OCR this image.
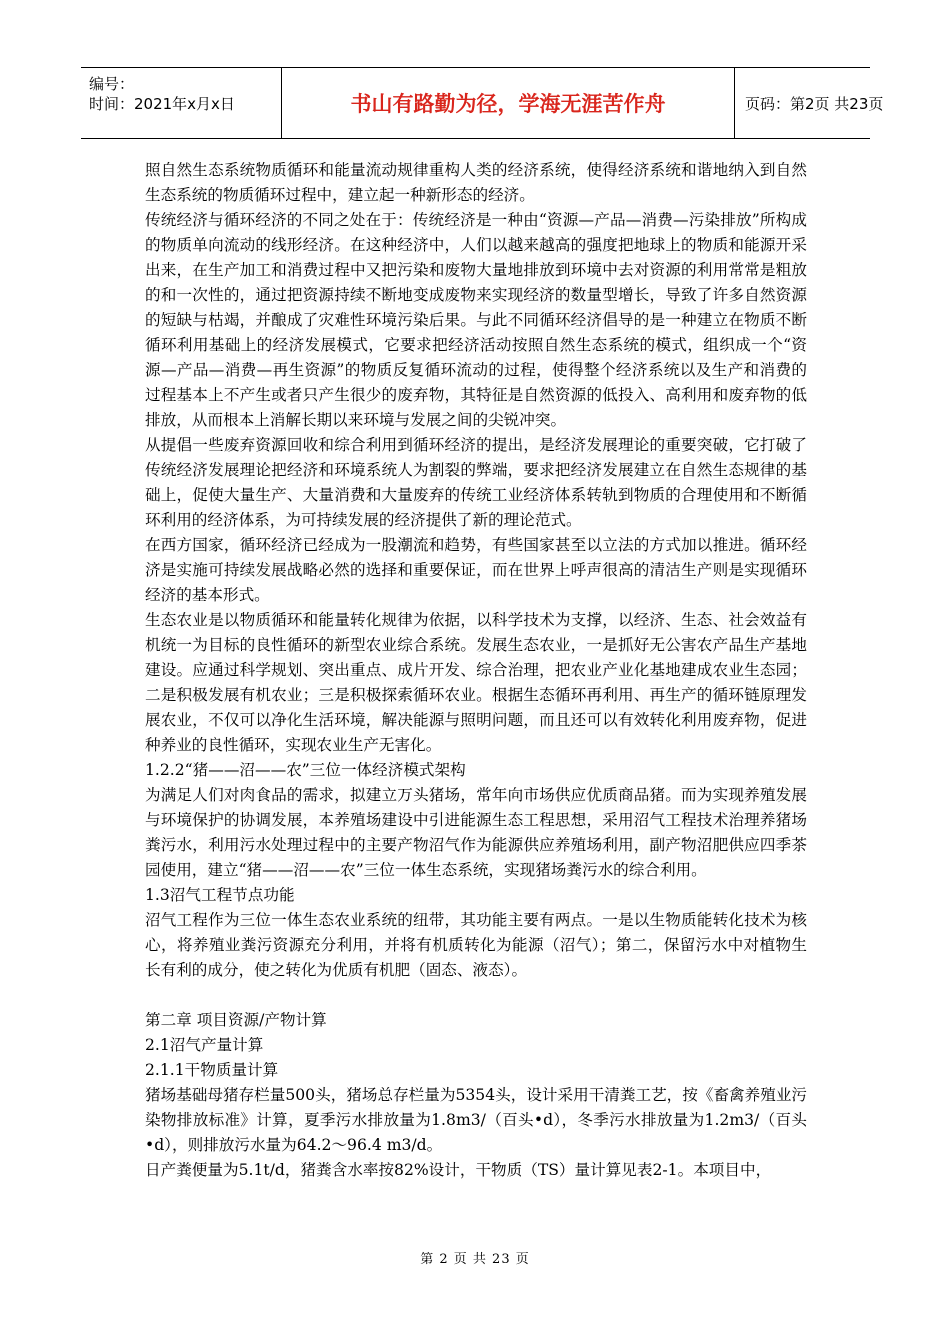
编号：
时间：2021年x月x日	书山有路勤为径，学海无涯苦作舟	页码：第2页 共23页

照自然生态系统物质循环和能量流动规律重构人类的经济系统，使得经济系统和谐地纳入到自然生态系统的物质循环过程中，建立起一种新形态的经济。

传统经济与循环经济的不同之处在于：传统经济是一种由“资源—产品—消费—污染排放”所构成的物质单向流动的线形经济。在这种经济中，人们以越来越高的强度把地球上的物质和能源开采出来，在生产加工和消费过程中又把污染和废物大量地排放到环境中去对资源的利用常常是粗放的和一次性的，通过把资源持续不断地变成废物来实现经济的数量型增长，导致了许多自然资源的短缺与枯竭，并酿成了灾难性环境污染后果。与此不同循环经济倡导的是一种建立在物质不断循环利用基础上的经济发展模式，它要求把经济活动按照自然生态系统的模式，组织成一个“资源—产品—消费—再生资源”的物质反复循环流动的过程，使得整个经济系统以及生产和消费的过程基本上不产生或者只产生很少的废弃物，其特征是自然资源的低投入、高利用和废弃物的低排放，从而根本上消解长期以来环境与发展之间的尖锐冲突。

从提倡一些废弃资源回收和综合利用到循环经济的提出，是经济发展理论的重要突破，它打破了传统经济发展理论把经济和环境系统人为割裂的弊端，要求把经济发展建立在自然生态规律的基础上，促使大量生产、大量消费和大量废弃的传统工业经济体系转轨到物质的合理使用和不断循环利用的经济体系，为可持续发展的经济提供了新的理论范式。

在西方国家，循环经济已经成为一股潮流和趋势，有些国家甚至以立法的方式加以推进。循环经济是实施可持续发展战略必然的选择和重要保证，而在世界上呼声很高的清洁生产则是实现循环经济的基本形式。

生态农业是以物质循环和能量转化规律为依据，以科学技术为支撑，以经济、生态、社会效益有机统一为目标的良性循环的新型农业综合系统。发展生态农业，一是抓好无公害农产品生产基地建设。应通过科学规划、突出重点、成片开发、综合治理，把农业产业化基地建成农业生态园；二是积极发展有机农业；三是积极探索循环农业。根据生态循环再利用、再生产的循环链原理发展农业，不仅可以净化生活环境，解决能源与照明问题，而且还可以有效转化利用废弃物，促进种养业的良性循环，实现农业生产无害化。

1.2.2“猪——沼——农”三位一体经济模式架构

为满足人们对肉食品的需求，拟建立万头猪场，常年向市场供应优质商品猪。而为实现养殖发展与环境保护的协调发展，本养殖场建设中引进能源生态工程思想，采用沼气工程技术治理养猪场粪污水，利用污水处理过程中的主要产物沼气作为能源供应养殖场利用，副产物沼肥供应四季茶园使用，建立“猪——沼——农”三位一体生态系统，实现猪场粪污水的综合利用。

1.3沼气工程节点功能

沼气工程作为三位一体生态农业系统的纽带，其功能主要有两点。一是以生物质能转化技术为核心，将养殖业粪污资源充分利用，并将有机质转化为能源（沼气）；第二，保留污水中对植物生长有利的成分，使之转化为优质有机肥（固态、液态）。

第二章 项目资源/产物计算

2.1沼气产量计算

2.1.1干物质量计算

猪场基础母猪存栏量500头，猪场总存栏量为5354头，设计采用干清粪工艺，按《畜禽养殖业污染物排放标准》计算，夏季污水排放量为1.8m3/（百头•d），冬季污水排放量为1.2m3/（百头•d），则排放污水量为64.2～96.4 m3/d。

日产粪便量为5.1t/d，猪粪含水率按82%设计，干物质（TS）量计算见表2-1。本项目中，

第 2 页 共 23 页
